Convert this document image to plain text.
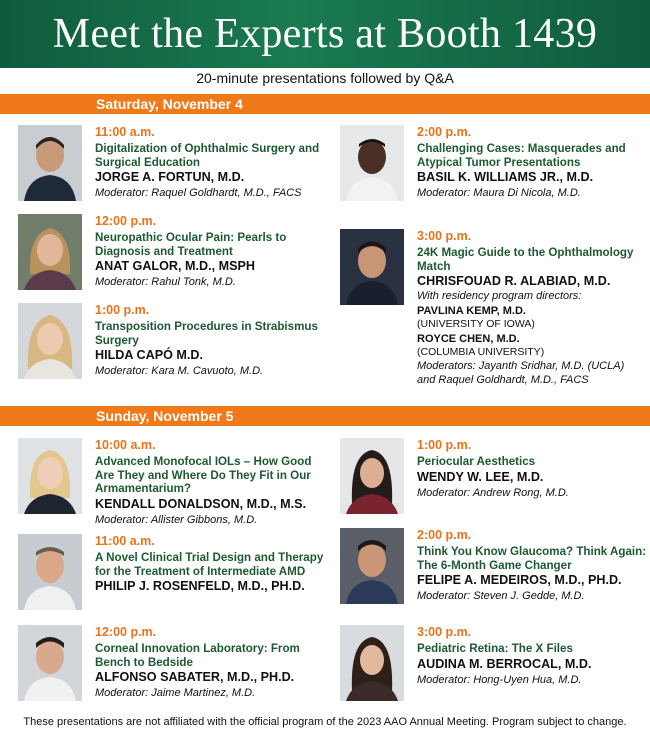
Meet the Experts at Booth 1439
20-minute presentations followed by Q&A
Saturday, November 4
11:00 a.m.
Digitalization of Ophthalmic Surgery and Surgical Education
JORGE A. FORTUN, M.D.
Moderator: Raquel Goldhardt, M.D., FACS
12:00 p.m.
Neuropathic Ocular Pain: Pearls to Diagnosis and Treatment
ANAT GALOR, M.D., MSPH
Moderator: Rahul Tonk, M.D.
1:00 p.m.
Transposition Procedures in Strabismus Surgery
HILDA CAPÓ M.D.
Moderator: Kara M. Cavuoto, M.D.
2:00 p.m.
Challenging Cases: Masquerades and Atypical Tumor Presentations
BASIL K. WILLIAMS JR., M.D.
Moderator: Maura Di Nicola, M.D.
3:00 p.m.
24K Magic Guide to the Ophthalmology Match
CHRISFOUAD R. ALABIAD, M.D.
With residency program directors:
PAVLINA KEMP, M.D.
(UNIVERSITY OF IOWA)
ROYCE CHEN, M.D.
(COLUMBIA UNIVERSITY)
Moderators: Jayanth Sridhar, M.D. (UCLA)
and Raquel Goldhardt, M.D., FACS
Sunday, November 5
10:00 a.m.
Advanced Monofocal IOLs – How Good Are They and Where Do They Fit in Our Armamentarium?
KENDALL DONALDSON, M.D., M.S.
Moderator: Allister Gibbons, M.D.
11:00 a.m.
A Novel Clinical Trial Design and Therapy for the Treatment of Intermediate AMD
PHILIP J. ROSENFELD, M.D., PH.D.
12:00 p.m.
Corneal Innovation Laboratory: From Bench to Bedside
ALFONSO SABATER, M.D., PH.D.
Moderator: Jaime Martinez, M.D.
1:00 p.m.
Periocular Aesthetics
WENDY W. LEE, M.D.
Moderator: Andrew Rong, M.D.
2:00 p.m.
Think You Know Glaucoma? Think Again: The 6-Month Game Changer
FELIPE A. MEDEIROS, M.D., PH.D.
Moderator: Steven J. Gedde, M.D.
3:00 p.m.
Pediatric Retina: The X Files
AUDINA M. BERROCAL, M.D.
Moderator: Hong-Uyen Hua, M.D.
These presentations are not affiliated with the official program of the 2023 AAO Annual Meeting. Program subject to change.
